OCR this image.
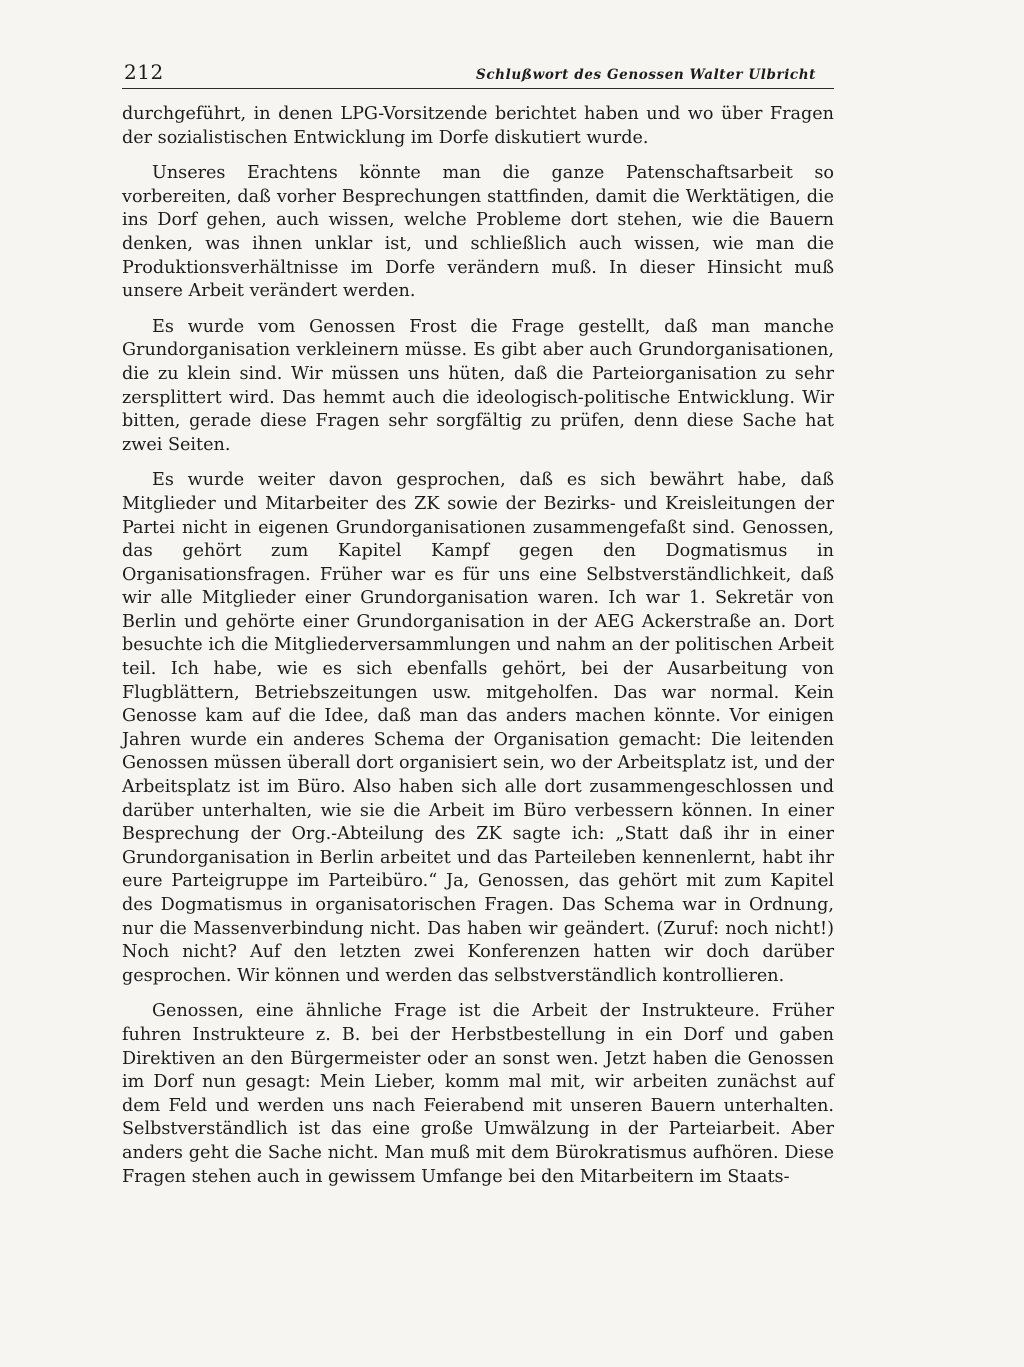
212	Schlußwort des Genossen Walter Ulbricht

durchgeführt, in denen LPG-Vorsitzende berichtet haben und wo über Fragen der sozialistischen Entwicklung im Dorfe diskutiert wurde.

Unseres Erachtens könnte man die ganze Patenschaftsarbeit so vorbereiten, daß vorher Besprechungen stattfinden, damit die Werktätigen, die ins Dorf gehen, auch wissen, welche Probleme dort stehen, wie die Bauern denken, was ihnen unklar ist, und schließlich auch wissen, wie man die Produktionsverhältnisse im Dorfe verändern muß. In dieser Hinsicht muß unsere Arbeit verändert werden.

Es wurde vom Genossen Frost die Frage gestellt, daß man manche Grundorganisation verkleinern müsse. Es gibt aber auch Grundorganisationen, die zu klein sind. Wir müssen uns hüten, daß die Parteiorganisation zu sehr zersplittert wird. Das hemmt auch die ideologisch-politische Entwicklung. Wir bitten, gerade diese Fragen sehr sorgfältig zu prüfen, denn diese Sache hat zwei Seiten.

Es wurde weiter davon gesprochen, daß es sich bewährt habe, daß Mitglieder und Mitarbeiter des ZK sowie der Bezirks- und Kreisleitungen der Partei nicht in eigenen Grundorganisationen zusammengefaßt sind. Genossen, das gehört zum Kapitel Kampf gegen den Dogmatismus in Organisationsfragen. Früher war es für uns eine Selbstverständlichkeit, daß wir alle Mitglieder einer Grundorganisation waren. Ich war 1. Sekretär von Berlin und gehörte einer Grundorganisation in der AEG Ackerstraße an. Dort besuchte ich die Mitgliederversammlungen und nahm an der politischen Arbeit teil. Ich habe, wie es sich ebenfalls gehört, bei der Ausarbeitung von Flugblättern, Betriebszeitungen usw. mitgeholfen. Das war normal. Kein Genosse kam auf die Idee, daß man das anders machen könnte. Vor einigen Jahren wurde ein anderes Schema der Organisation gemacht: Die leitenden Genossen müssen überall dort organisiert sein, wo der Arbeitsplatz ist, und der Arbeitsplatz ist im Büro. Also haben sich alle dort zusammengeschlossen und darüber unterhalten, wie sie die Arbeit im Büro verbessern können. In einer Besprechung der Org.-Abteilung des ZK sagte ich: „Statt daß ihr in einer Grundorganisation in Berlin arbeitet und das Parteileben kennenlernt, habt ihr eure Parteigruppe im Parteibüro.“ Ja, Genossen, das gehört mit zum Kapitel des Dogmatismus in organisatorischen Fragen. Das Schema war in Ordnung, nur die Massenverbindung nicht. Das haben wir geändert. (Zuruf: noch nicht!) Noch nicht? Auf den letzten zwei Konferenzen hatten wir doch darüber gesprochen. Wir können und werden das selbstverständlich kontrollieren.

Genossen, eine ähnliche Frage ist die Arbeit der Instrukteure. Früher fuhren Instrukteure z. B. bei der Herbstbestellung in ein Dorf und gaben Direktiven an den Bürgermeister oder an sonst wen. Jetzt haben die Genossen im Dorf nun gesagt: Mein Lieber, komm mal mit, wir arbeiten zunächst auf dem Feld und werden uns nach Feierabend mit unseren Bauern unterhalten. Selbstverständlich ist das eine große Umwälzung in der Parteiarbeit. Aber anders geht die Sache nicht. Man muß mit dem Bürokratismus aufhören. Diese Fragen stehen auch in gewissem Umfange bei den Mitarbeitern im Staats-
